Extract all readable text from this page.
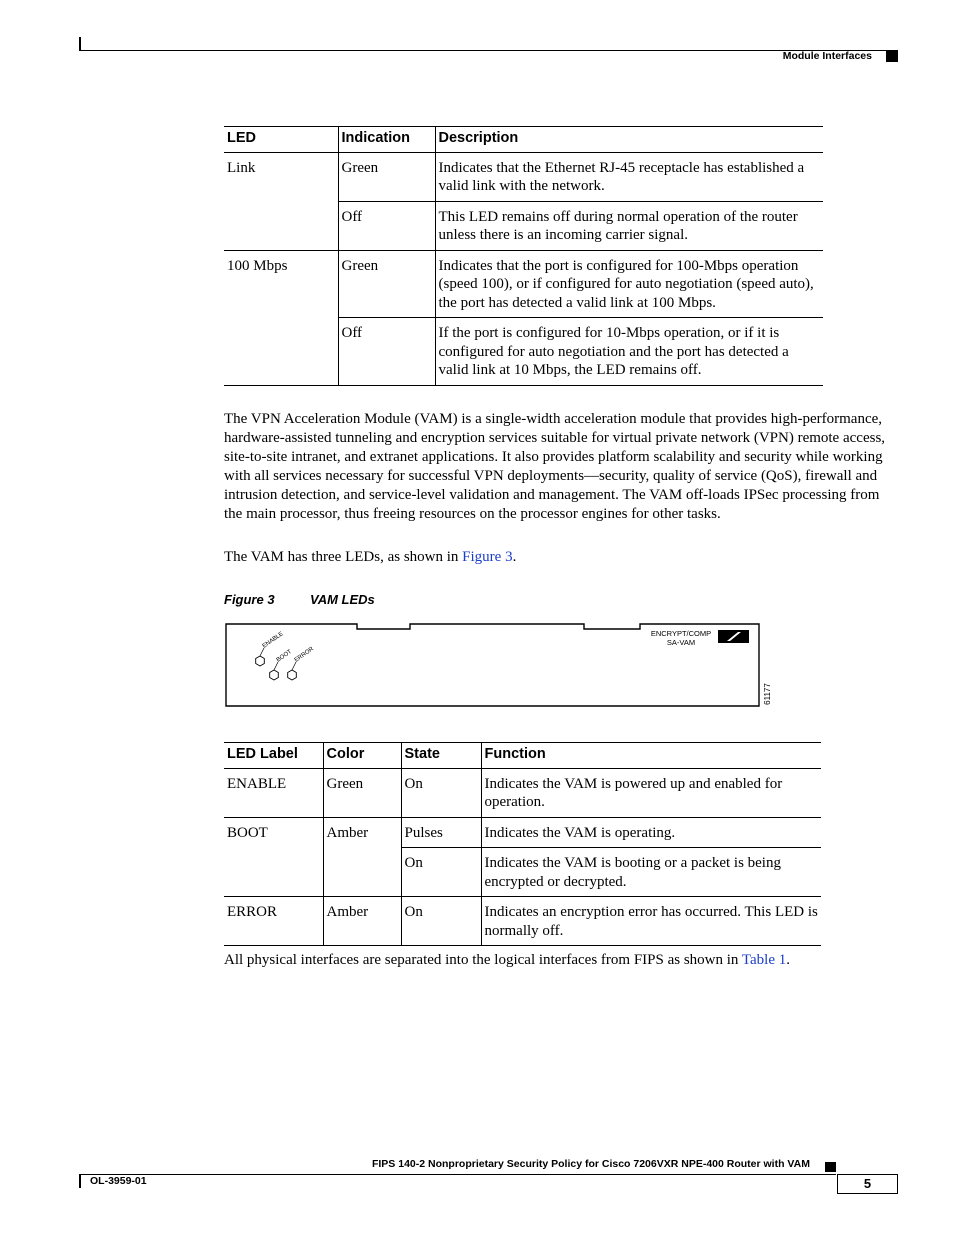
Module Interfaces
LED	Indication	Description
Link	Green	Indicates that the Ethernet RJ-45 receptacle has established a valid link with the network.
	Off	This LED remains off during normal operation of the router unless there is an incoming carrier signal.
100 Mbps	Green	Indicates that the port is configured for 100-Mbps operation (speed 100), or if configured for auto negotiation (speed auto), the port has detected a valid link at 100 Mbps.
	Off	If the port is configured for 10-Mbps operation, or if it is configured for auto negotiation and the port has detected a valid link at 10 Mbps, the LED remains off.

The VPN Acceleration Module (VAM) is a single-width acceleration module that provides high-performance, hardware-assisted tunneling and encryption services suitable for virtual private network (VPN) remote access, site-to-site intranet, and extranet applications. It also provides platform scalability and security while working with all services necessary for successful VPN deployments—security, quality of service (QoS), firewall and intrusion detection, and service-level validation and management. The VAM off-loads IPSec processing from the main processor, thus freeing resources on the processor engines for other tasks.

The VAM has three LEDs, as shown in Figure 3.

Figure 3	VAM LEDs
ENABLE
BOOT ERROR
ENCRYPT/COMP
SA-VAM
61177
LED Label	Color	State	Function
ENABLE	Green	On	Indicates the VAM is powered up and enabled for operation.
BOOT	Amber	Pulses	Indicates the VAM is operating.
		On	Indicates the VAM is booting or a packet is being encrypted or decrypted.
ERROR	Amber	On	Indicates an encryption error has occurred. This LED is normally off.

All physical interfaces are separated into the logical interfaces from FIPS as shown in Table 1.

FIPS 140-2 Nonproprietary Security Policy for Cisco 7206VXR NPE-400 Router with VAM
OL-3959-01	5
